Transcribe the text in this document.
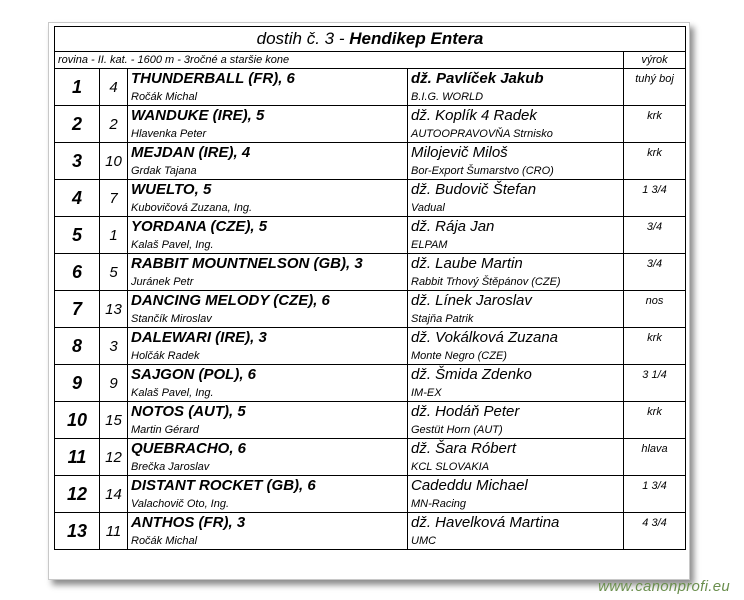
dostih č. 3 - Hendikep Entera				
rovina - II. kat. - 1600 m - 3ročné a staršie kone				výrok
1	4	THUNDERBALL (FR), 6	dž. Pavlíček Jakub	tuhý boj
		Ročák Michal	B.I.G. WORLD	
2	2	WANDUKE (IRE), 5	dž. Koplík 4 Radek	krk
		Hlavenka Peter	AUTOOPRAVOVŇA Strnisko	
3	10	MEJDAN (IRE), 4	Milojevič Miloš	krk
		Grdak Tajana	Bor-Export Šumarstvo (CRO)	
4	7	WUELTO, 5	dž. Budovič Štefan	1 3/4
		Kubovičová Zuzana, Ing.	Vadual	
5	1	YORDANA (CZE), 5	dž. Rája Jan	3/4
		Kalaš Pavel, Ing.	ELPAM	
6	5	RABBIT MOUNTNELSON (GB), 3	dž. Laube Martin	3/4
		Juránek Petr	Rabbit Trhový Štěpánov (CZE)	
7	13	DANCING MELODY (CZE), 6	dž. Línek Jaroslav	nos
		Stančík Miroslav	Stajňa Patrik	
8	3	DALEWARI (IRE), 3	dž. Vokálková Zuzana	krk
		Holčák Radek	Monte Negro (CZE)	
9	9	SAJGON (POL), 6	dž. Šmida Zdenko	3 1/4
		Kalaš Pavel, Ing.	IM-EX	
10	15	NOTOS (AUT), 5	dž. Hodáň Peter	krk
		Martin Gérard	Gestüt Horn (AUT)	
11	12	QUEBRACHO, 6	dž. Šara Róbert	hlava
		Brečka Jaroslav	KCL SLOVAKIA	
12	14	DISTANT ROCKET (GB), 6	Cadeddu Michael	1 3/4
		Valachovič Oto, Ing.	MN-Racing	
13	11	ANTHOS (FR), 3	dž. Havelková Martina	4 3/4
		Ročák Michal	UMC	
www.canonprofi.eu
